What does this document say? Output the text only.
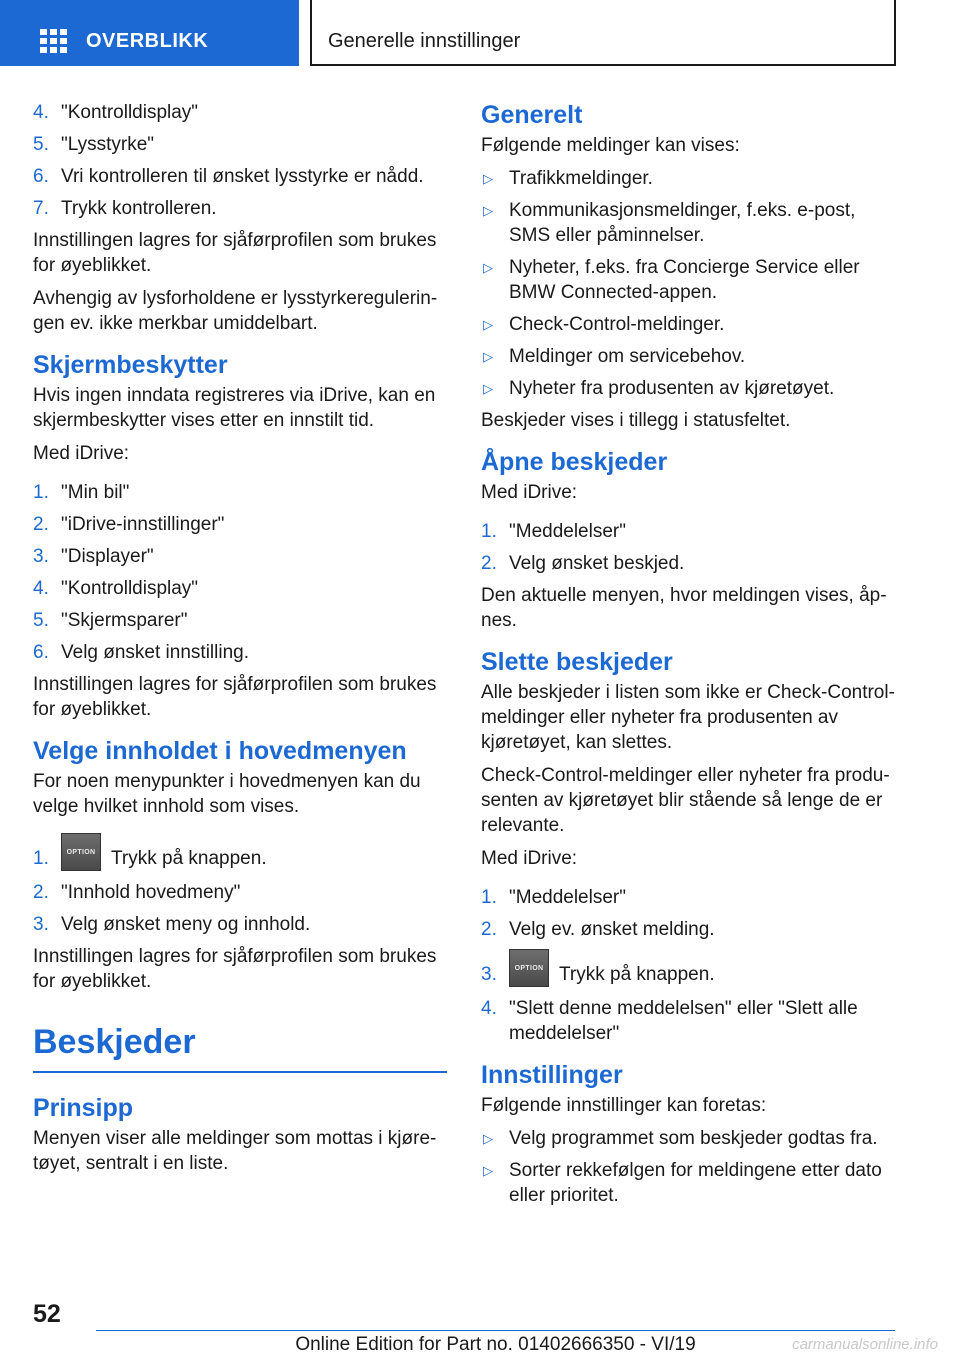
OVERBLIKK	Generelle innstillinger
4. "Kontrolldisplay"
5. "Lysstyrke"
6. Vri kontrolleren til ønsket lysstyrke er nådd.
7. Trykk kontrolleren.

Innstillingen lagres for sjåførprofilen som brukes for øyeblikket.

Avhengig av lysforholdene er lysstyrkereguleringen ev. ikke merkbar umiddelbart.

Skjermbeskytter

Hvis ingen inndata registreres via iDrive, kan en skjermbeskytter vises etter en innstilt tid.

Med iDrive:

1. "Min bil"
2. "iDrive-innstillinger"
3. "Displayer"
4. "Kontrolldisplay"
5. "Skjermsparer"
6. Velg ønsket innstilling.

Innstillingen lagres for sjåførprofilen som brukes for øyeblikket.

Velge innholdet i hovedmenyen

For noen menypunkter i hovedmenyen kan du velge hvilket innhold som vises.

1.	OPTION Trykk på knappen.
2. "Innhold hovedmeny"
3. Velg ønsket meny og innhold.

Innstillingen lagres for sjåførprofilen som brukes for øyeblikket.

Beskjeder
Prinsipp

Menyen viser alle meldinger som mottas i kjøretøyet, sentralt i en liste.

Generelt

Følgende meldinger kan vises:

▷ Trafikkmeldinger.
▷ Kommunikasjonsmeldinger, f.eks. e-post, SMS eller påminnelser.
▷ Nyheter, f.eks. fra Concierge Service eller BMW Connected-appen.
▷ Check-Control-meldinger.
▷ Meldinger om servicebehov.
▷ Nyheter fra produsenten av kjøretøyet.

Beskjeder vises i tillegg i statusfeltet.

Åpne beskjeder

Med iDrive:

1. "Meddelelser"
2. Velg ønsket beskjed.

Den aktuelle menyen, hvor meldingen vises, åpnes.

Slette beskjeder

Alle beskjeder i listen som ikke er Check-Control-meldinger eller nyheter fra produsenten av kjøretøyet, kan slettes.

Check-Control-meldinger eller nyheter fra produsenten av kjøretøyet blir stående så lenge de er relevante.

Med iDrive:

1. "Meddelelser"
2. Velg ev. ønsket melding.
3.	OPTION Trykk på knappen.
4. "Slett denne meddelelsen" eller "Slett alle meddelelser"
Innstillinger

Følgende innstillinger kan foretas:

▷ Velg programmet som beskjeder godtas fra.
▷ Sorter rekkefølgen for meldingene etter dato eller prioritet.
52
Online Edition for Part no. 01402666350 - VI/19	carmanualsonline.info
